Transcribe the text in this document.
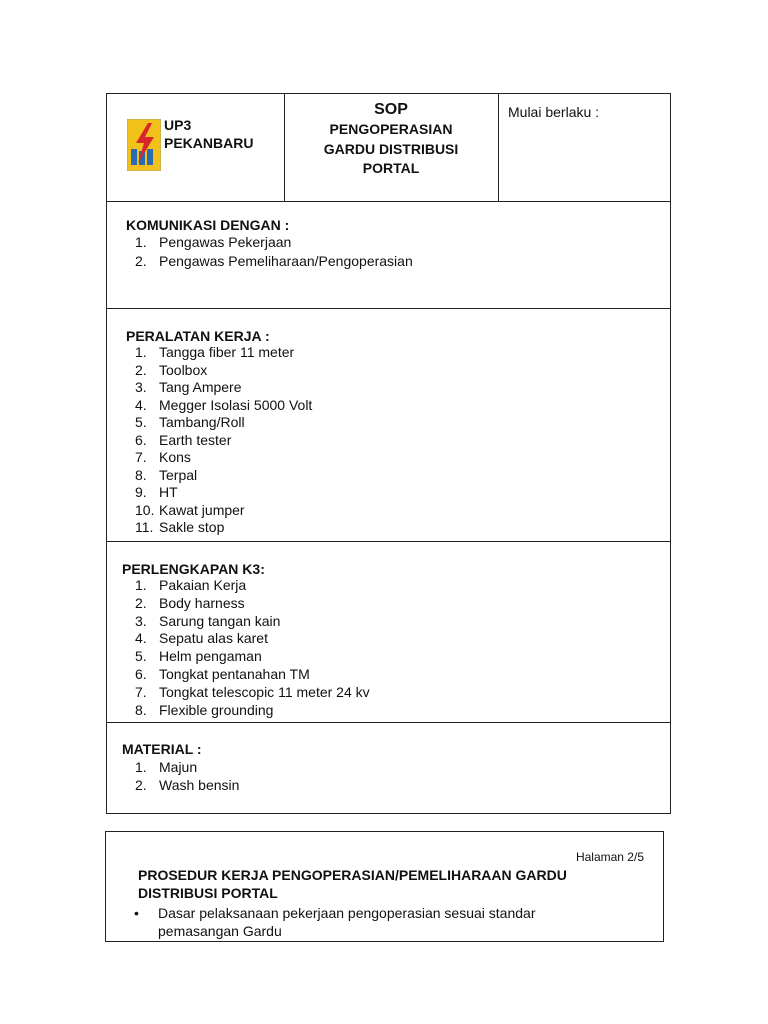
UP3
PEKANBARU
SOP
PENGOPERASIAN
GARDU DISTRIBUSI
PORTAL
Mulai berlaku :
KOMUNIKASI DENGAN :
1. Pengawas Pekerjaan
2. Pengawas Pemeliharaan/Pengoperasian
PERALATAN KERJA :
1. Tangga fiber 11 meter
2. Toolbox
3. Tang Ampere
4. Megger Isolasi 5000 Volt
5. Tambang/Roll
6. Earth tester
7. Kons
8. Terpal
9. HT
10. Kawat jumper
11. Sakle stop
PERLENGKAPAN K3:
1. Pakaian Kerja
2. Body harness
3. Sarung tangan kain
4. Sepatu alas karet
5. Helm pengaman
6. Tongkat pentanahan TM
7. Tongkat telescopic 11 meter 24 kv
8. Flexible grounding
MATERIAL :
1. Majun
2. Wash bensin
Halaman 2/5
PROSEDUR KERJA PENGOPERASIAN/PEMELIHARAAN GARDU
DISTRIBUSI PORTAL
• Dasar pelaksanaan pekerjaan pengoperasian sesuai standar
pemasangan Gardu
